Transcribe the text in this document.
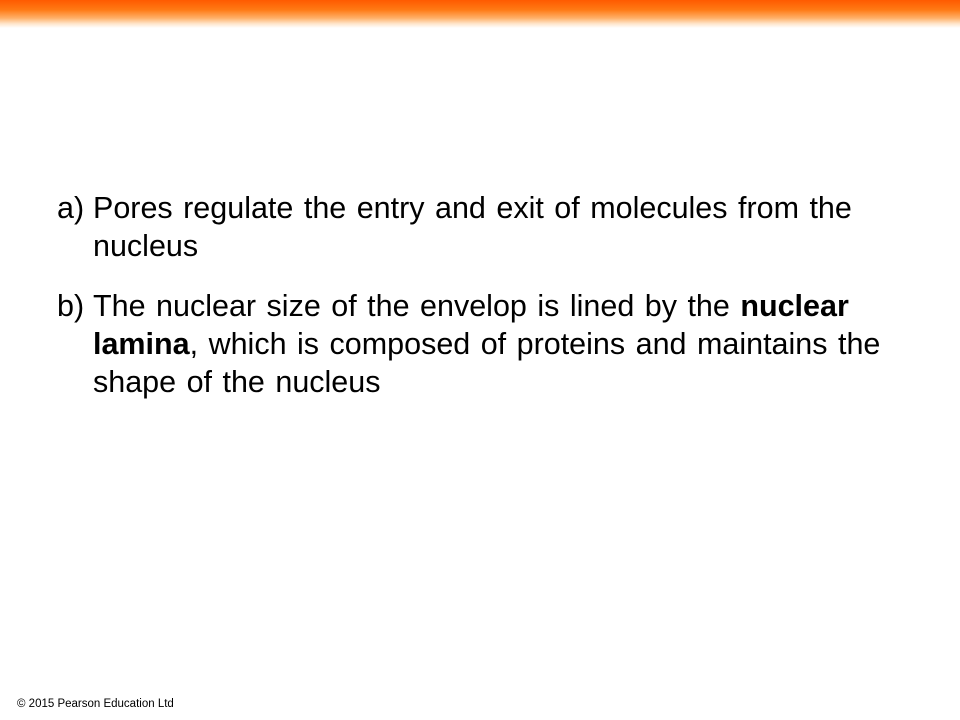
a) Pores regulate the entry and exit of molecules from the nucleus
b) The nuclear size of the envelop is lined by the nuclear lamina, which is composed of proteins and maintains the shape of the nucleus
© 2015 Pearson Education Ltd
